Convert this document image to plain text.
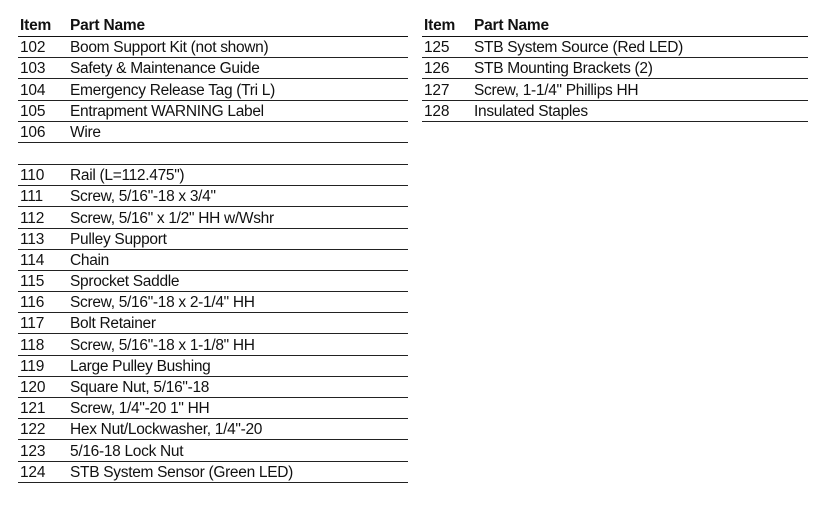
Item	Part Name
102	Boom Support Kit (not shown)
103	Safety & Maintenance Guide
104	Emergency Release Tag (Tri L)
105	Entrapment WARNING Label
106	Wire
110	Rail (L=112.475")
111	Screw, 5/16"-18 x 3/4"
112	Screw, 5/16" x 1/2" HH w/Wshr
113	Pulley Support
114	Chain
115	Sprocket Saddle
116	Screw, 5/16"-18 x 2-1/4" HH
117	Bolt Retainer
118	Screw, 5/16"-18 x 1-1/8" HH
119	Large Pulley Bushing
120	Square Nut, 5/16"-18
121	Screw, 1/4"-20 1" HH
122	Hex Nut/Lockwasher, 1/4"-20
123	5/16-18 Lock Nut
124	STB System Sensor (Green LED)
Item	Part Name
125	STB System Source (Red LED)
126	STB Mounting Brackets (2)
127	Screw, 1-1/4" Phillips HH
128	Insulated Staples
